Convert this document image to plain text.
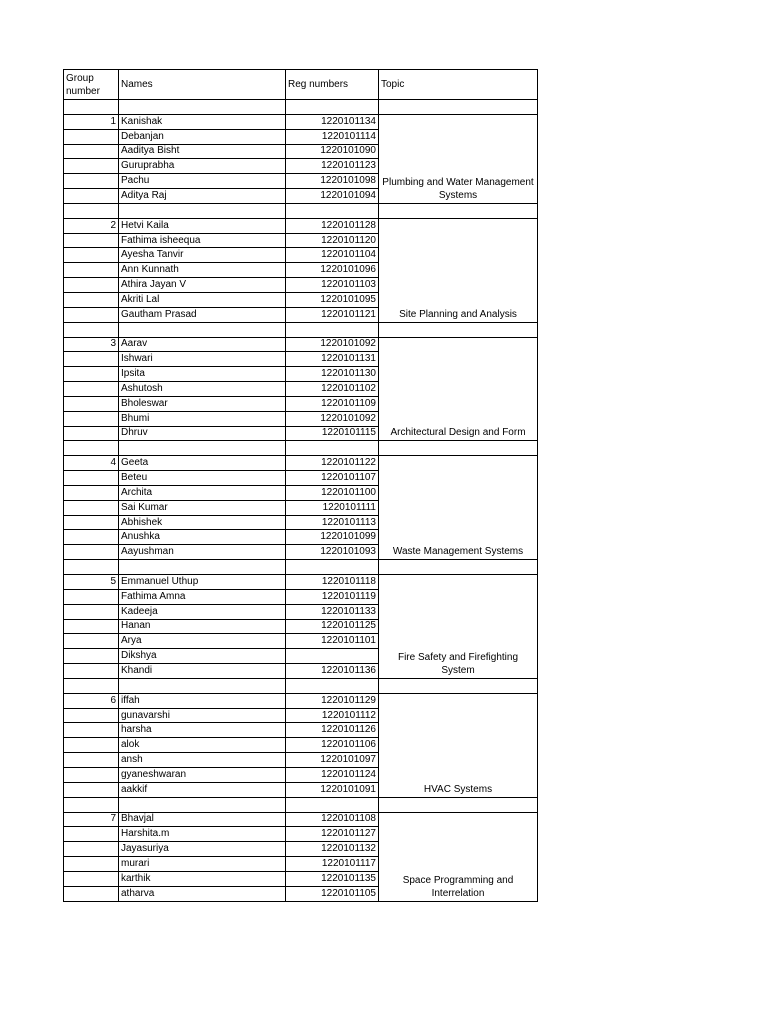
Group number	Names	Reg numbers	Topic

1	Kanishak	1220101134	Plumbing and Water Management Systems
	Debanjan	1220101114	
	Aaditya Bisht	1220101090	
	Guruprabha	1220101123	
	Pachu	1220101098	
	Aditya Raj	1220101094	

2	Hetvi Kaila	1220101128	Site Planning and Analysis
	Fathima isheequa	1220101120	
	Ayesha Tanvir	1220101104	
	Ann Kunnath	1220101096	
	Athira Jayan V	1220101103	
	Akriti Lal	1220101095	
	Gautham Prasad	1220101121	

3	Aarav	1220101092	Architectural Design and Form
	Ishwari	1220101131	
	Ipsita	1220101130	
	Ashutosh	1220101102	
	Bholeswar	1220101109	
	Bhumi	1220101092	
	Dhruv	1220101115	

4	Geeta	1220101122	Waste Management Systems
	Beteu	1220101107	
	Archita	1220101100	
	Sai Kumar	1220101111	
	Abhishek	1220101113	
	Anushka	1220101099	
	Aayushman	1220101093	

5	Emmanuel Uthup	1220101118	Fire Safety and Firefighting System
	Fathima Amna	1220101119	
	Kadeeja	1220101133	
	Hanan	1220101125	
	Arya	1220101101	
	Dikshya		
	Khandi	1220101136	

6	iffah	1220101129	HVAC Systems
	gunavarshi	1220101112	
	harsha	1220101126	
	alok	1220101106	
	ansh	1220101097	
	gyaneshwaran	1220101124	
	aakkif	1220101091	

7	Bhavjal	1220101108	Space Programming and Interrelation
	Harshita.m	1220101127	
	Jayasuriya	1220101132	
	murari	1220101117	
	karthik	1220101135	
	atharva	1220101105	
